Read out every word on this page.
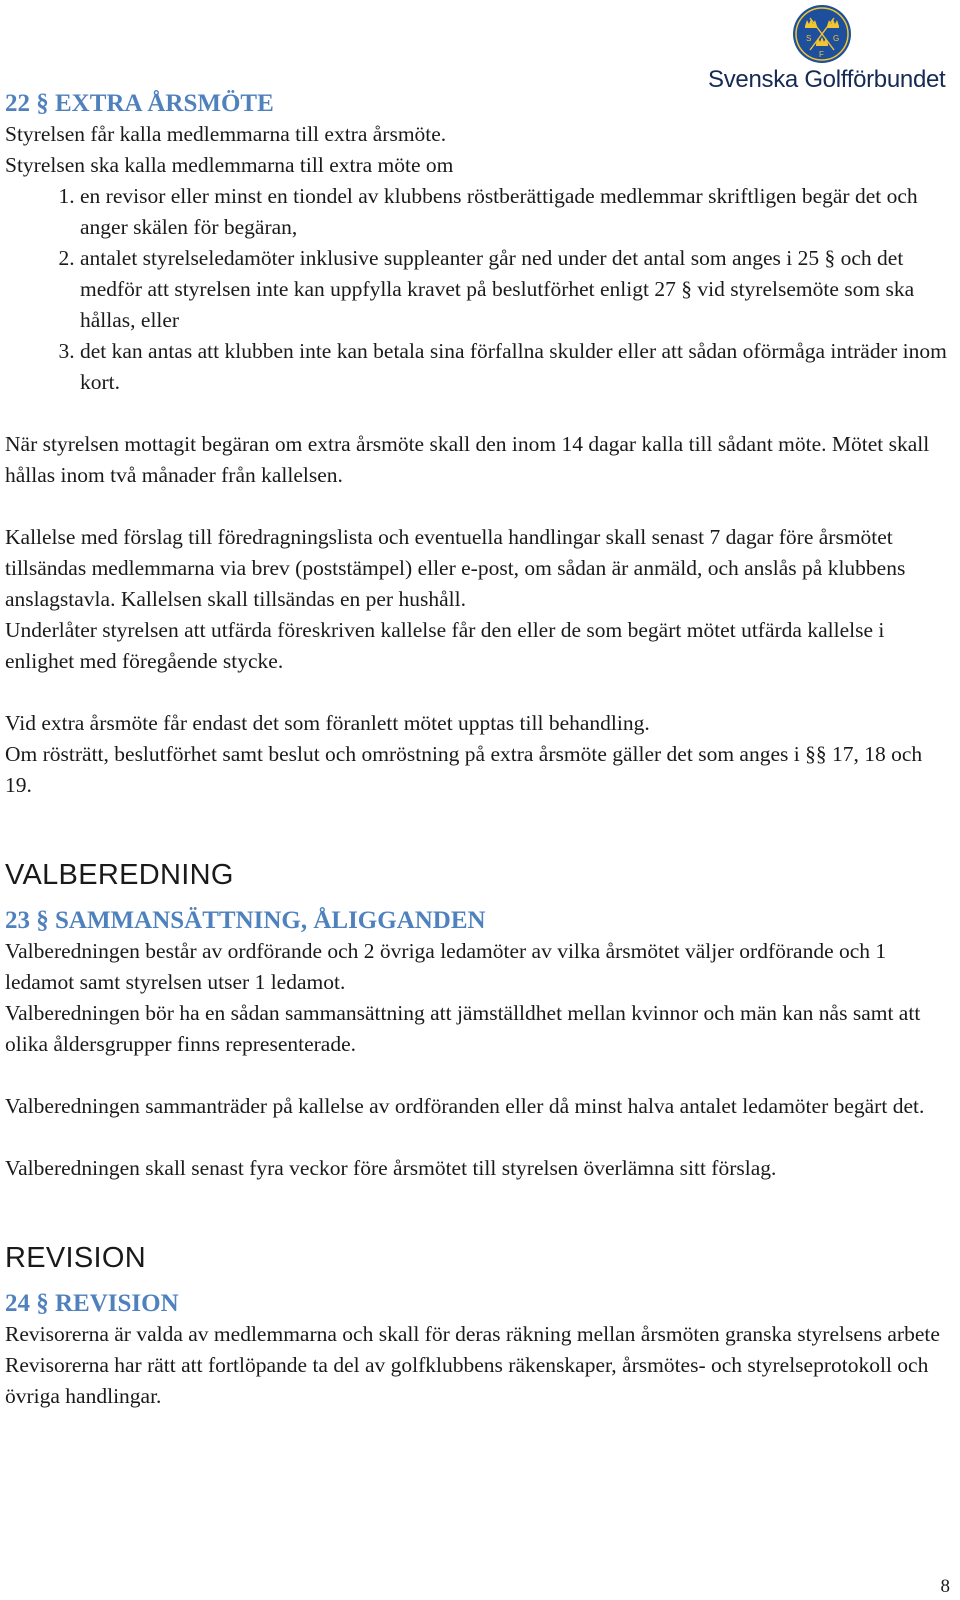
S	G
F
Svenska Golfförbundet
22 § EXTRA ÅRSMÖTE

Styrelsen får kalla medlemmarna till extra årsmöte.

Styrelsen ska kalla medlemmarna till extra möte om

1. en revisor eller minst en tiondel av klubbens röstberättigade medlemmar skriftligen begär det och anger skälen för begäran,
2. antalet styrelseledamöter inklusive suppleanter går ned under det antal som anges i 25 § och det medför att styrelsen inte kan uppfylla kravet på beslutförhet enligt 27 § vid styrelsemöte som ska hållas, eller
3. det kan antas att klubben inte kan betala sina förfallna skulder eller att sådan oförmåga inträder inom kort.

När styrelsen mottagit begäran om extra årsmöte skall den inom 14 dagar kalla till sådant möte. Mötet skall hållas inom två månader från kallelsen.

Kallelse med förslag till föredragningslista och eventuella handlingar skall senast 7 dagar före årsmötet tillsändas medlemmarna via brev (poststämpel) eller e-post, om sådan är anmäld, och anslås på klubbens anslagstavla. Kallelsen skall tillsändas en per hushåll.

Underlåter styrelsen att utfärda föreskriven kallelse får den eller de som begärt mötet utfärda kallelse i enlighet med föregående stycke.

Vid extra årsmöte får endast det som föranlett mötet upptas till behandling.

Om rösträtt, beslutförhet samt beslut och omröstning på extra årsmöte gäller det som anges i §§ 17, 18 och 19.

VALBEREDNING
23 § SAMMANSÄTTNING, ÅLIGGANDEN

Valberedningen består av ordförande och 2 övriga ledamöter av vilka årsmötet väljer ordförande och 1 ledamot samt styrelsen utser 1 ledamot.

Valberedningen bör ha en sådan sammansättning att jämställdhet mellan kvinnor och män kan nås samt att olika åldersgrupper finns representerade.

Valberedningen sammanträder på kallelse av ordföranden eller då minst halva antalet ledamöter begärt det.

Valberedningen skall senast fyra veckor före årsmötet till styrelsen överlämna sitt förslag.

REVISION
24 § REVISION

Revisorerna är valda av medlemmarna och skall för deras räkning mellan årsmöten granska styrelsens arbete

Revisorerna har rätt att fortlöpande ta del av golfklubbens räkenskaper, årsmötes- och styrelseprotokoll och övriga handlingar.

8
